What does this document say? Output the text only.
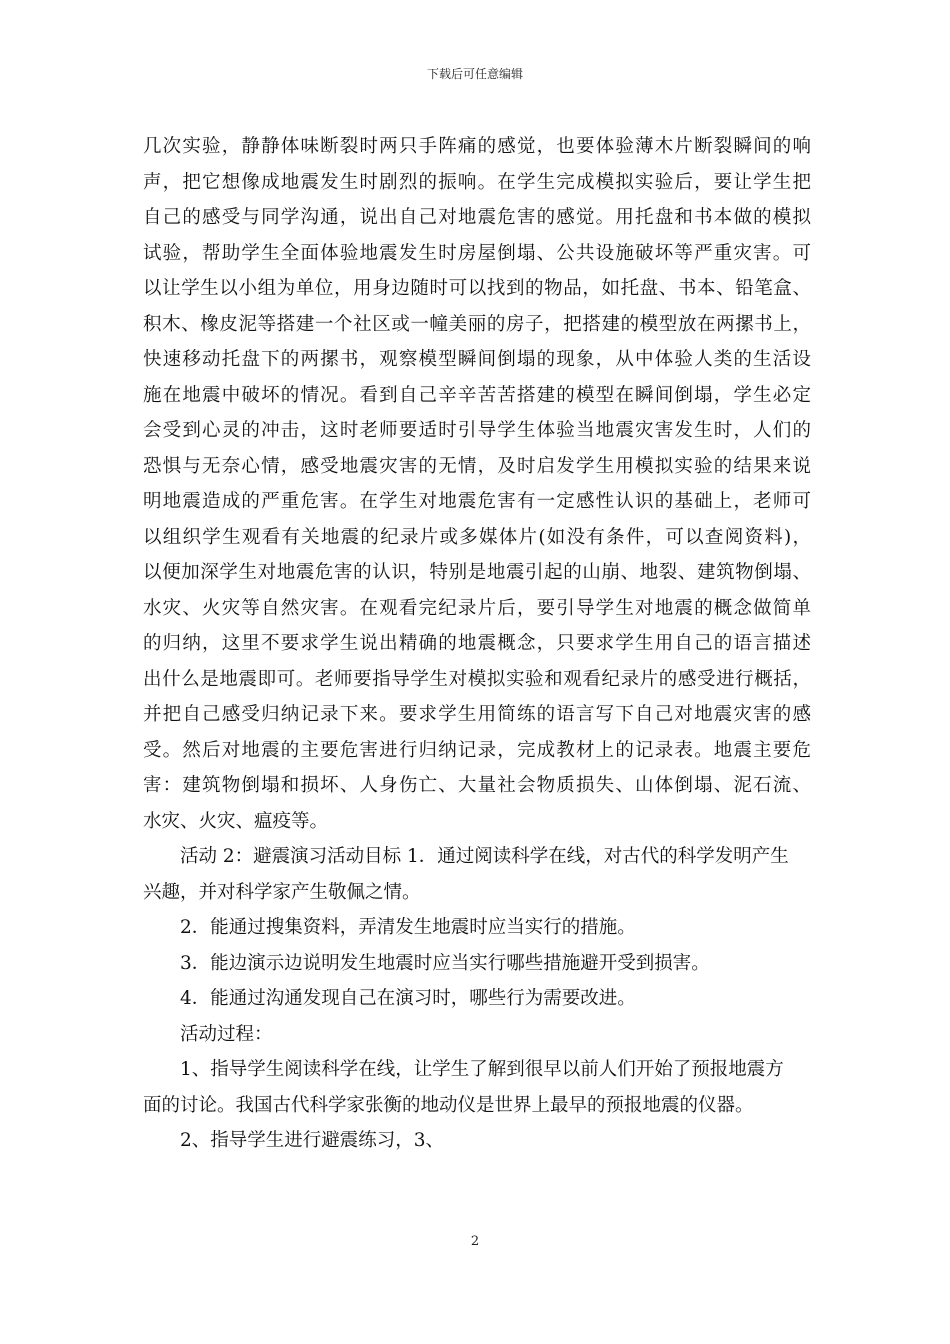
下载后可任意编辑
几次实验，静静体味断裂时两只手阵痛的感觉，也要体验薄木片断裂瞬间的响
声，把它想像成地震发生时剧烈的振响。在学生完成模拟实验后，要让学生把
自己的感受与同学沟通，说出自己对地震危害的感觉。用托盘和书本做的模拟
试验，帮助学生全面体验地震发生时房屋倒塌、公共设施破坏等严重灾害。可
以让学生以小组为单位，用身边随时可以找到的物品，如托盘、书本、铅笔盒、
积木、橡皮泥等搭建一个社区或一幢美丽的房子，把搭建的模型放在两摞书上，
快速移动托盘下的两摞书，观察模型瞬间倒塌的现象，从中体验人类的生活设
施在地震中破坏的情况。看到自己辛辛苦苦搭建的模型在瞬间倒塌，学生必定
会受到心灵的冲击，这时老师要适时引导学生体验当地震灾害发生时，人们的
恐惧与无奈心情，感受地震灾害的无情，及时启发学生用模拟实验的结果来说
明地震造成的严重危害。在学生对地震危害有一定感性认识的基础上，老师可
以组织学生观看有关地震的纪录片或多媒体片(如没有条件，可以查阅资料)，
以便加深学生对地震危害的认识，特别是地震引起的山崩、地裂、建筑物倒塌、
水灾、火灾等自然灾害。在观看完纪录片后，要引导学生对地震的概念做简单
的归纳，这里不要求学生说出精确的地震概念，只要求学生用自己的语言描述
出什么是地震即可。老师要指导学生对模拟实验和观看纪录片的感受进行概括，
并把自己感受归纳记录下来。要求学生用简练的语言写下自己对地震灾害的感
受。然后对地震的主要危害进行归纳记录，完成教材上的记录表。地震主要危
害：建筑物倒塌和损坏、人身伤亡、大量社会物质损失、山体倒塌、泥石流、
水灾、火灾、瘟疫等。
活动 2：避震演习活动目标 1．通过阅读科学在线，对古代的科学发明产生
兴趣，并对科学家产生敬佩之情。
2．能通过搜集资料，弄清发生地震时应当实行的措施。
3．能边演示边说明发生地震时应当实行哪些措施避开受到损害。
4．能通过沟通发现自己在演习时，哪些行为需要改进。
活动过程：
1、指导学生阅读科学在线，让学生了解到很早以前人们开始了预报地震方
面的讨论。我国古代科学家张衡的地动仪是世界上最早的预报地震的仪器。
2、指导学生进行避震练习，3、
2
